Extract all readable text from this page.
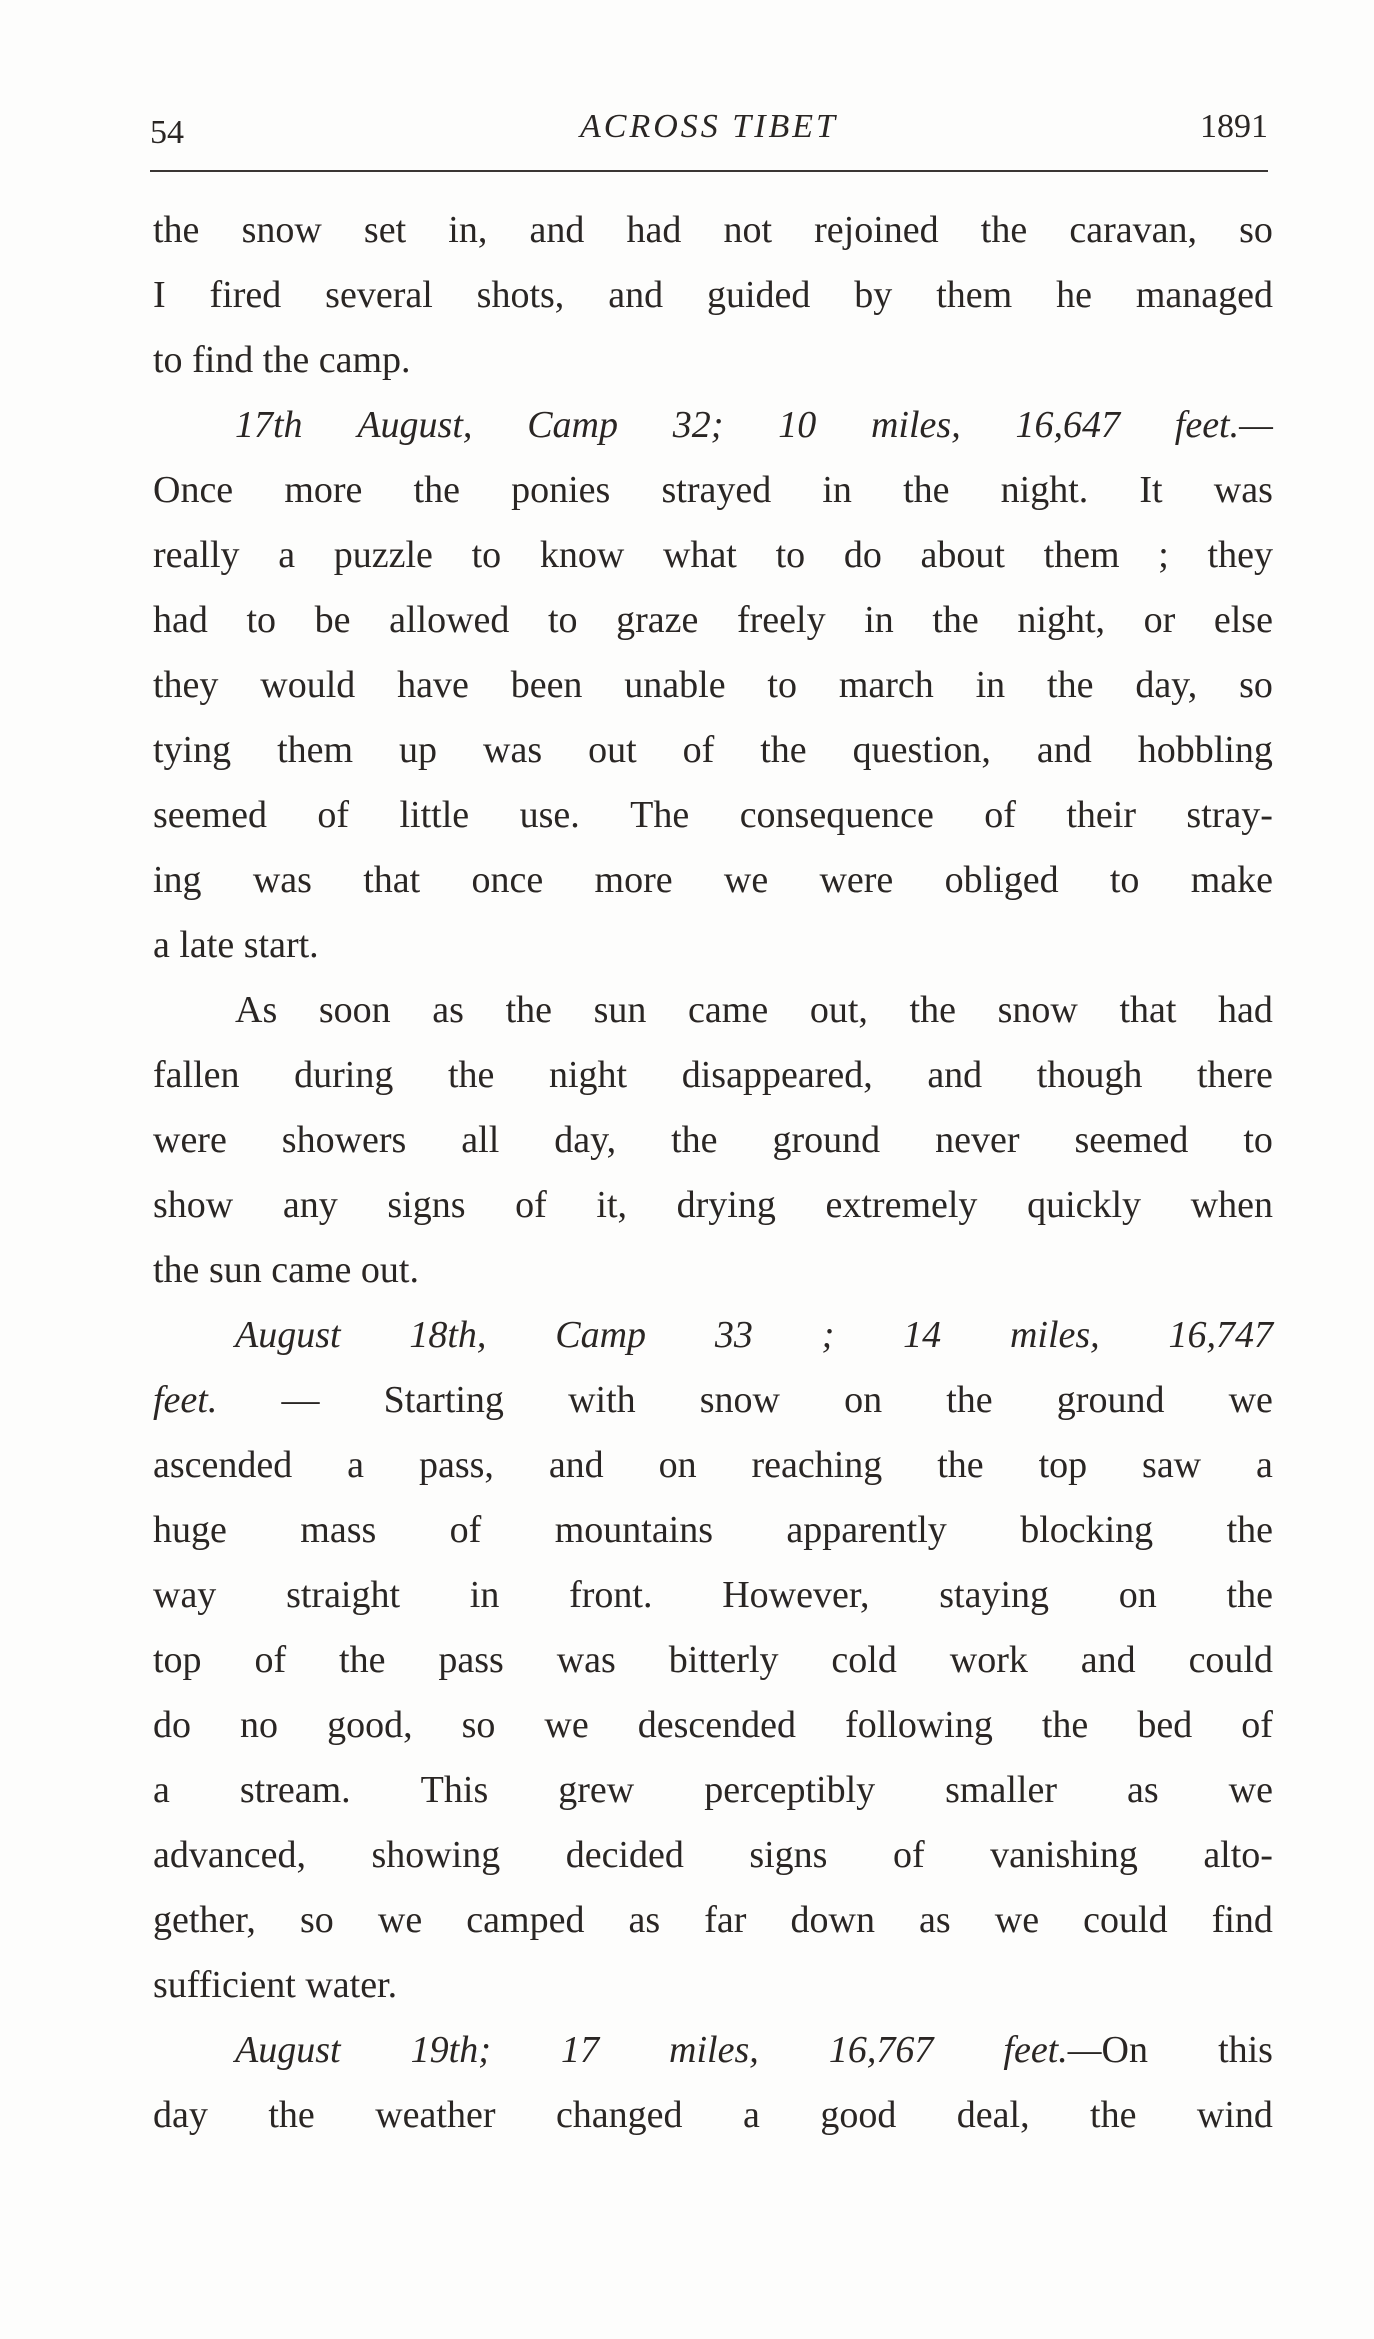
54	ACROSS TIBET	1891
the snow set in, and had not rejoined the caravan, so
I fired several shots, and guided by them he managed
to find the camp.
17th August, Camp 32; 10 miles, 16,647 feet.—
Once more the ponies strayed in the night. It was
really a puzzle to know what to do about them ; they
had to be allowed to graze freely in the night, or else
they would have been unable to march in the day, so
tying them up was out of the question, and hobbling
seemed of little use. The consequence of their stray-
ing was that once more we were obliged to make
a late start.
As soon as the sun came out, the snow that had
fallen during the night disappeared, and though there
were showers all day, the ground never seemed to
show any signs of it, drying extremely quickly when
the sun came out.
August 18th, Camp 33 ; 14 miles, 16,747
feet. — Starting with snow on the ground we
ascended a pass, and on reaching the top saw a
huge mass of mountains apparently blocking the
way straight in front. However, staying on the
top of the pass was bitterly cold work and could
do no good, so we descended following the bed of
a stream. This grew perceptibly smaller as we
advanced, showing decided signs of vanishing alto-
gether, so we camped as far down as we could find
sufficient water.
August 19th; 17 miles, 16,767 feet.—On this
day the weather changed a good deal, the wind
